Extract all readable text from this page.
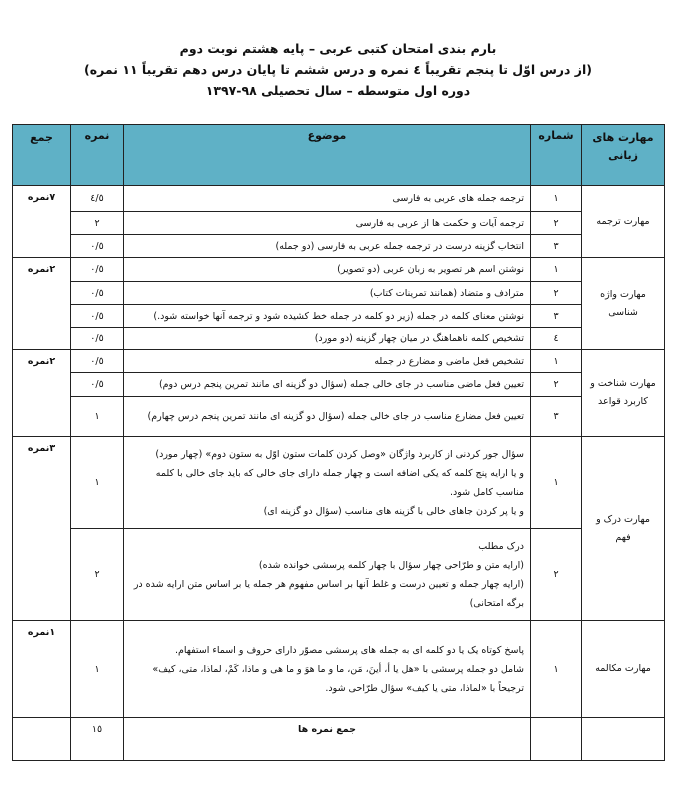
بارم بندی امتحان کتبی عربی – پایه هشتم نوبت دوم
(از درس اوّل تا پنجم تقریباً ٤ نمره و درس ششم تا پایان درس دهم تقریباً ١١ نمره)
دوره اول متوسطه – سال تحصیلی ٩٨-١٣٩٧
مهارت های زبانی	شماره	موضوع	نمره	جمع
مهارت ترجمه	١	ترجمه جمله های عربی به فارسی	٤/٥	٧نمره
	٢	ترجمه آیات و حکمت ها از عربی به فارسی	٢	
	٣	انتخاب گزینه درست در ترجمه جمله عربی به فارسی (دو جمله)	٠/٥	
مهارت واژه شناسی	١	نوشتن اسم هر تصویر به زبان عربی (دو تصویر)	٠/٥	٢نمره
	٢	مترادف و متضاد (همانند تمرینات کتاب)	٠/٥	
	٣	نوشتن معنای کلمه در جمله (زیر دو کلمه در جمله خط کشیده شود و ترجمه آنها خواسته شود.)	٠/٥	
	٤	تشخیص کلمه ناهماهنگ در میان چهار گزینه (دو مورد)	٠/٥	
مهارت شناخت و کاربرد قواعد	١	تشخیص فعل ماضی و مضارع در جمله	٠/٥	٢نمره
	٢	تعیین فعل ماضی مناسب در جای خالی جمله (سؤال دو گزینه ای مانند تمرین پنجم درس دوم)	٠/٥	
	٣	تعیین فعل مضارع مناسب در جای خالی جمله (سؤال دو گزینه ای مانند تمرین پنجم درس چهارم)	١	
مهارت درک و فهم	١	سؤال جور کردنی از کاربرد واژگان «وصل کردن کلمات ستون اوّل به ستون دوم» (چهار مورد)

و یا ارایه پنج کلمه که یکی اضافه است و چهار جمله دارای جای خالی که باید جای خالی با کلمه مناسب کامل شود.

و یا پر کردن جاهای خالی با گزینه های مناسب (سؤال دو گزینه ای)	١	٣نمره
	٢	درک مطلب

(ارایه متن و طرّاحی چهار سؤال با چهار کلمه پرسشی خوانده شده)

(ارایه چهار جمله و تعیین درست و غلط آنها بر اساس مفهوم هر جمله یا بر اساس متن ارایه شده در برگه امتحانی)	٢	
مهارت مکالمه	١	پاسخ کوتاه یک یا دو کلمه ای به جمله های پرسشی مصوّر دارای حروف و اسماء استفهام.

شامل دو جمله پرسشی با «هل یا أ، أینَ، مَن، ما و ما هوَ و ما هی و ماذا، کَمْ، لماذا، متی، کیف»

ترجیحاً با «لماذا، متی یا کیف» سؤال طرّاحی شود.	١	١نمره
		جمع نمره ها	١٥	
